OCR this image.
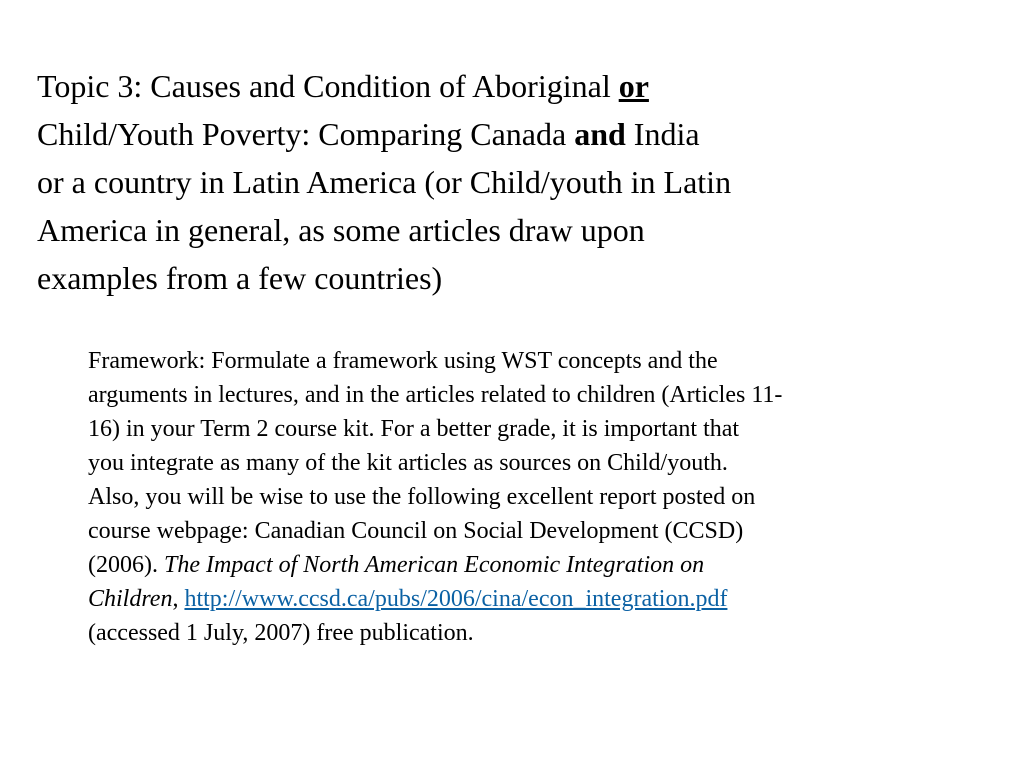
Topic 3: Causes and Condition of Aboriginal or
Child/Youth Poverty: Comparing Canada and India
or a country in Latin America (or Child/youth in Latin
America in general, as some articles draw upon
examples from a few countries)
Framework: Formulate a framework using WST concepts and the
arguments in lectures, and in the articles related to children (Articles 11-
16) in your Term 2 course kit. For a better grade, it is important that
you integrate as many of the kit articles as sources on Child/youth.
Also, you will be wise to use the following excellent report posted on
course webpage: Canadian Council on Social Development (CCSD)
(2006). The Impact of North American Economic Integration on
Children, http://www.ccsd.ca/pubs/2006/cina/econ_integration.pdf
(accessed 1 July, 2007) free publication.
